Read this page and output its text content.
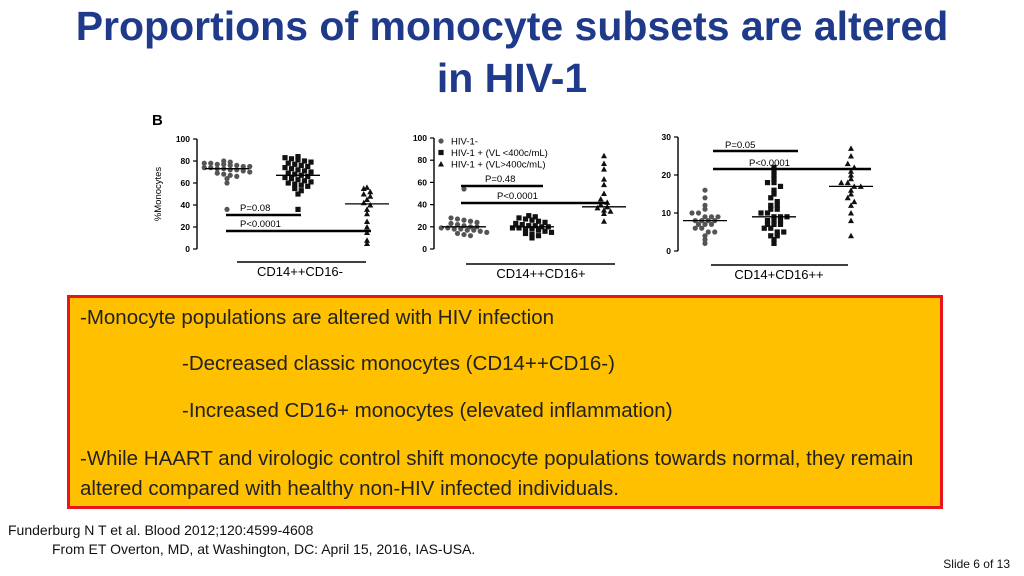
Proportions of monocyte subsets are altered
in HIV-1
B
0
20
40
60
80
100
%Monocytes	P=0.08
P<0.0001
CD14++CD16-
0
20
40
60
80
100
P=0.48
P<0.0001
HIV-1-
HIV-1 + (VL <400c/mL)
HIV-1 + (VL>400c/mL)
CD14++CD16+
0
10
20
30
P=0.05
P<0.0001
CD14+CD16++

-Monocyte populations are altered with HIV infection

-Decreased classic monocytes (CD14++CD16-)

-Increased CD16+ monocytes (elevated inflammation)

-While HAART and virologic control shift monocyte populations towards normal, they remain altered compared with healthy non-HIV infected individuals.

Funderburg N T et al. Blood 2012;120:4599-4608
From ET Overton, MD, at Washington, DC: April 15, 2016, IAS-USA.
Slide 6 of 13
